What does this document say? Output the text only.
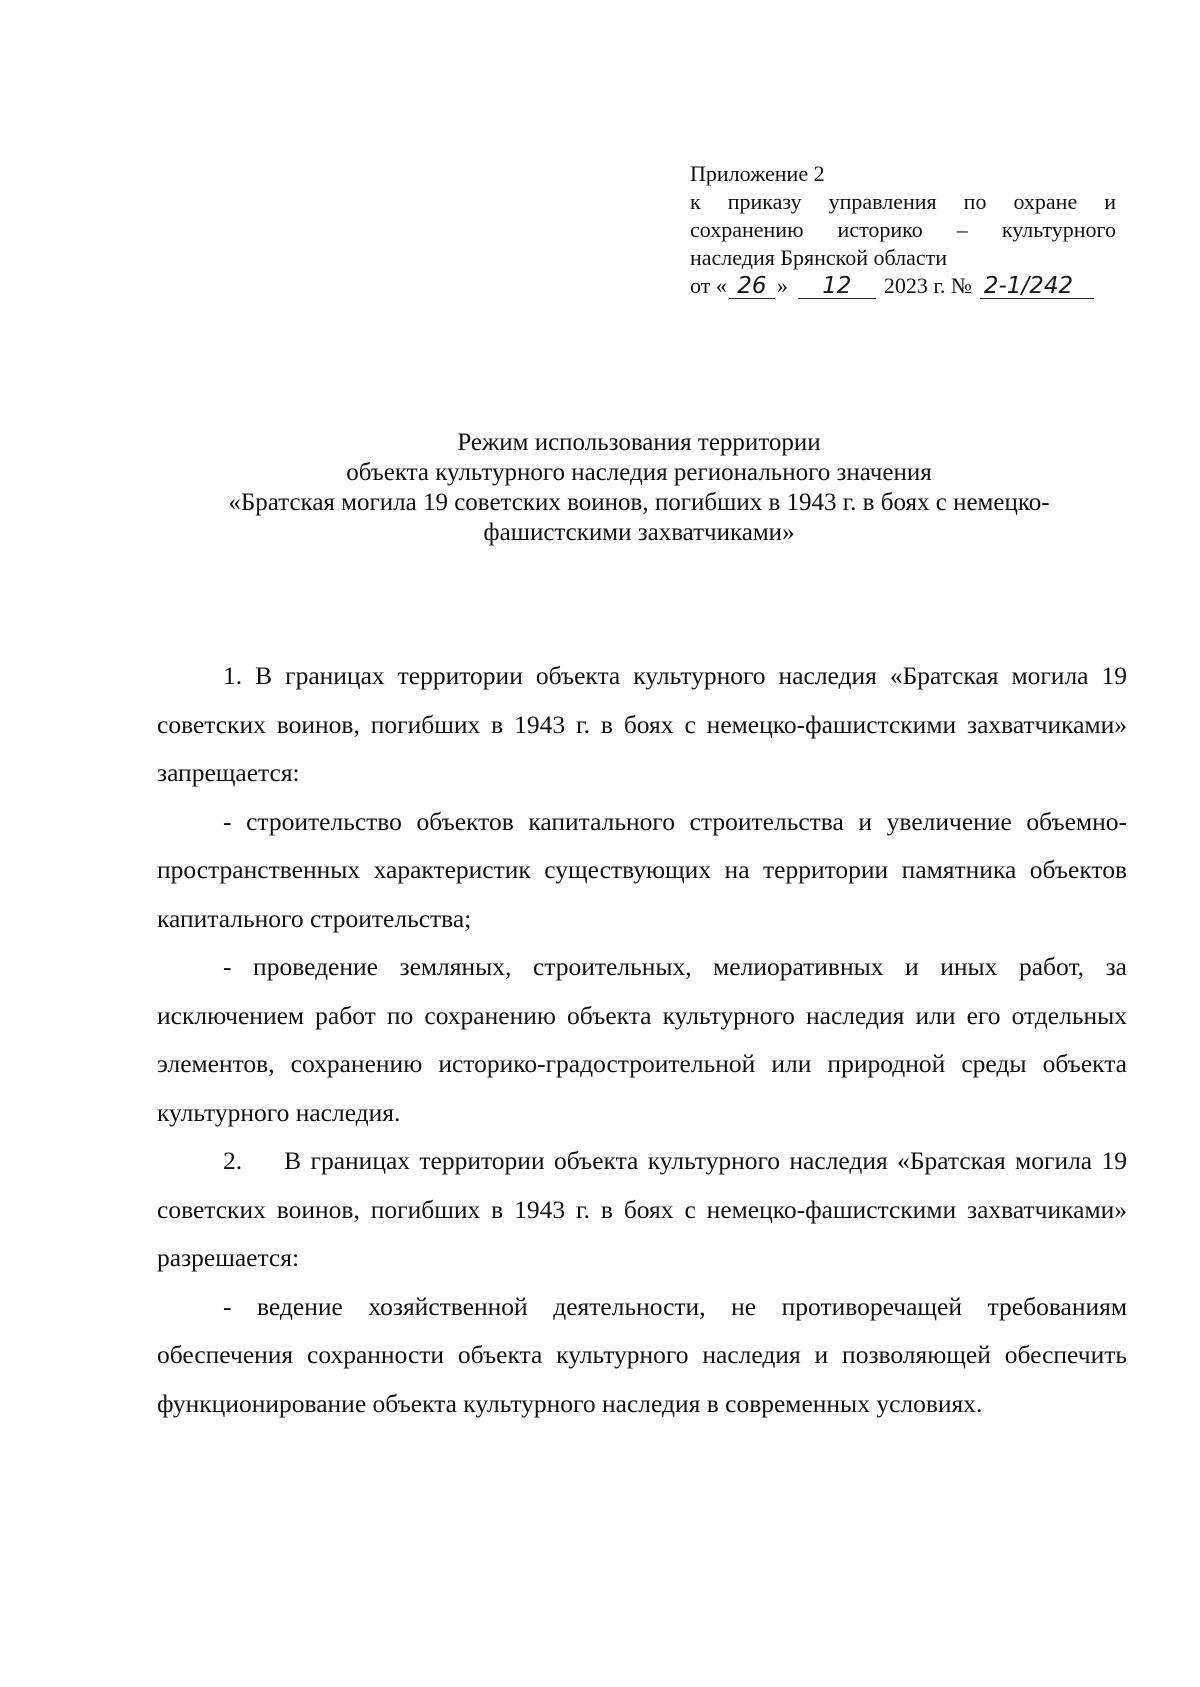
Приложение 2
к приказу управления по охране и
сохранению историко – культурного
наследия Брянской области
от « 26 »	12	2023 г. № 2-1/242
Режим использования территории
объекта культурного наследия регионального значения
«Братская могила 19 советских воинов, погибших в 1943 г. в боях с немецко-
фашистскими захватчиками»

1. В границах территории объекта культурного наследия «Братская могила 19 советских воинов, погибших в 1943 г. в боях с немецко-фашистскими захватчиками» запрещается:

- строительство объектов капитального строительства и увеличение объемно-пространственных характеристик существующих на территории памятника объектов капитального строительства;

- проведение земляных, строительных, мелиоративных и иных работ, за исключением работ по сохранению объекта культурного наследия или его отдельных элементов, сохранению историко-градостроительной или природной среды объекта культурного наследия.

2. В границах территории объекта культурного наследия «Братская могила 19 советских воинов, погибших в 1943 г. в боях с немецко-фашистскими захватчиками» разрешается:

- ведение хозяйственной деятельности, не противоречащей требованиям обеспечения сохранности объекта культурного наследия и позволяющей обеспечить функционирование объекта культурного наследия в современных условиях.
